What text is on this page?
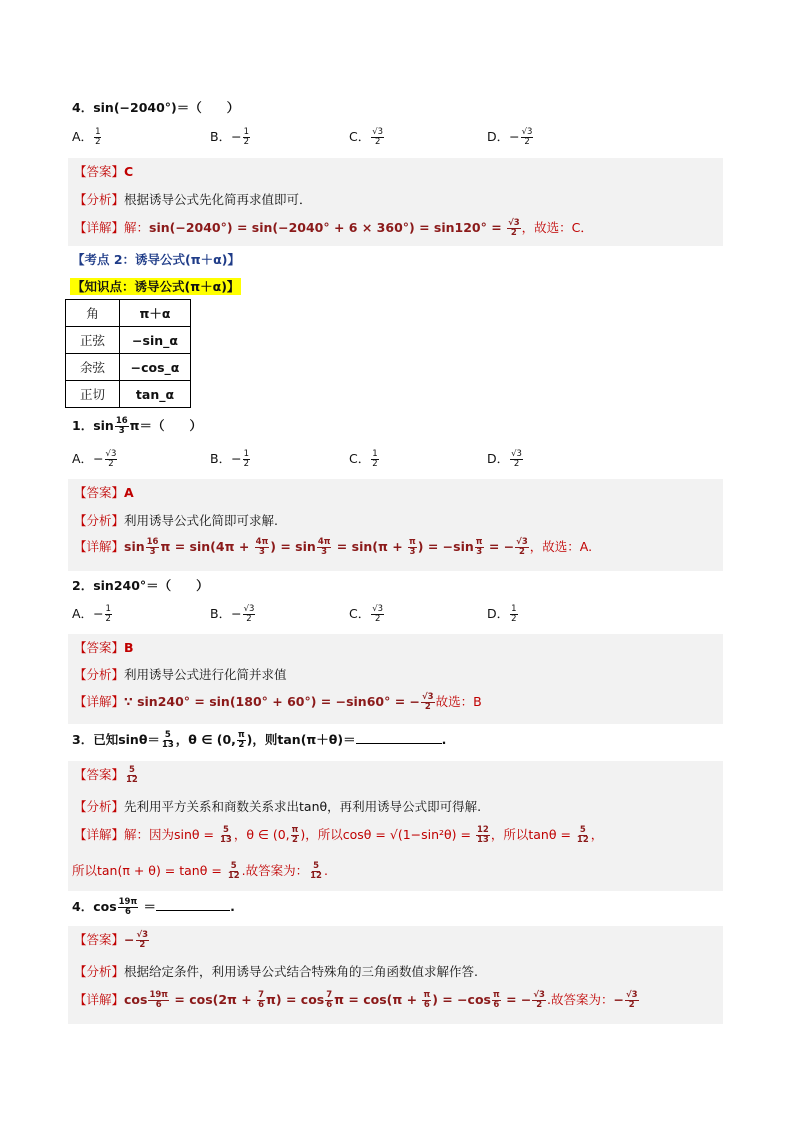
4．sin(−2040°)＝（　　）
A． $\frac{1}{2}$	B．− $\frac{1}{2}$	C． $\frac{√3}{2}$	D．− $\frac{√3}{2}$
【答案】C
【分析】根据诱导公式先化简再求值即可．
【详解】解：$\sin(-2040^\circ) = \sin(-2040^\circ + 6 \times 360^\circ) = \sin 120^\circ = \frac{√3}{2}$ ，故选：C．
【考点 2：诱导公式(π＋α)】
【知识点：诱导公式(π＋α)】
角	π＋α
正弦	−sin_α
余弦	−cos_α
正切	tan_α
1．$\sin \frac{16}{3} \pi=$（　　）
A．− $\frac{√3}{2}$	B．− $\frac{1}{2}$	C． $\frac{1}{2}$	D． $\frac{√3}{2}$
【答案】A
【分析】利用诱导公式化简即可求解.
【详解】$\sin \frac{16}{3}$ $\pi = \sin(4\pi + \frac{4\pi}{3}$ ) = $\sin \frac{4\pi}{3} = \sin(\pi + \frac{\pi}{3}$ ) = $-\sin \frac{\pi}{3}$ = − $\frac{√3}{2}$ ，故选：A.
2．sin240°＝（　　）
A．− $\frac{1}{2}$	B．− $\frac{√3}{2}$	C． $\frac{√3}{2}$	D． $\frac{1}{2}$
【答案】B
【分析】利用诱导公式进行化简并求值
【详解】∵ sin240° = sin(180° + 60°) = −sin60° = − $\frac{√3}{2}$ 故选：B
3．已知$\sin\theta= \frac{5}{13}$ ，θ ∈ (0, $\frac{\pi}{2}$ )，则tan(π＋θ)＝	.
【答案】 $\frac{5}{12}$
【分析】先利用平方关系和商数关系求出tanθ，再利用诱导公式即可得解.
【详解】解：因为$\sin\theta = \frac{5}{13}$ ，θ ∈ (0, $\frac{\pi}{2}$ )，所以$\cos\theta = √(1-\sin^2\theta) = \frac{12}{13}$ ，所以$\tan\theta = \frac{5}{12}$ ，
所以$\tan(\pi + \theta) = \tan\theta = \frac{5}{12}$ .故答案为： $\frac{5}{12}$ .
4．$\cos \frac{19\pi}{6}$ ＝	.
【答案】− $\frac{√3}{2}$
【分析】根据给定条件，利用诱导公式结合特殊角的三角函数值求解作答.
【详解】$\cos \frac{19\pi}{6} = \cos(2\pi + \frac{7}{6} \pi) = \cos \frac{7}{6}$ $\pi = \cos(\pi + \frac{\pi}{6}$ ) = $-\cos \frac{\pi}{6}$ = − $\frac{√3}{2}$ .故答案为：− $\frac{√3}{2}$
